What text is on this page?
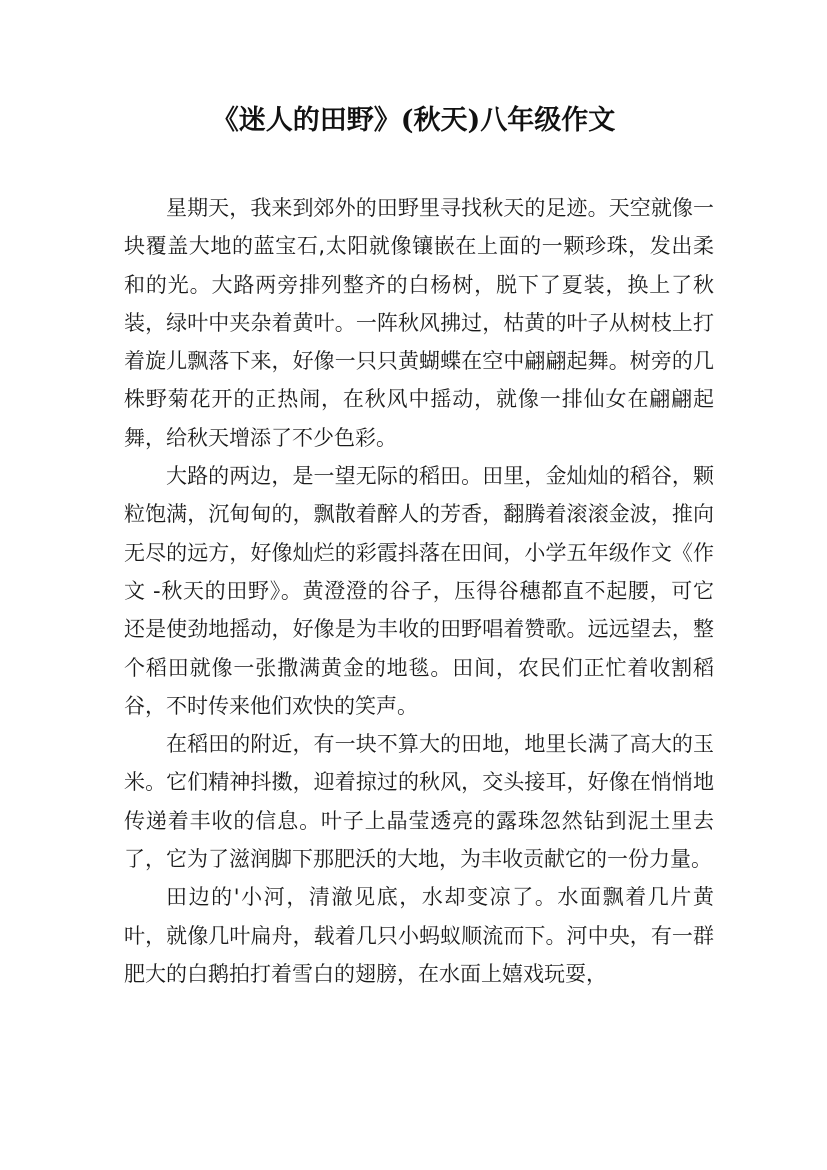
《迷人的田野》(秋天)八年级作文

星期天，我来到郊外的田野里寻找秋天的足迹。天空就像一块覆盖大地的蓝宝石,太阳就像镶嵌在上面的一颗珍珠，发出柔和的光。大路两旁排列整齐的白杨树，脱下了夏装，换上了秋装，绿叶中夹杂着黄叶。一阵秋风拂过，枯黄的叶子从树枝上打着旋儿飘落下来，好像一只只黄蝴蝶在空中翩翩起舞。树旁的几株野菊花开的正热闹，在秋风中摇动，就像一排仙女在翩翩起舞，给秋天增添了不少色彩。

大路的两边，是一望无际的稻田。田里，金灿灿的稻谷，颗粒饱满，沉甸甸的，飘散着醉人的芳香，翻腾着滚滚金波，推向无尽的远方，好像灿烂的彩霞抖落在田间，小学五年级作文《作文 -秋天的田野》。黄澄澄的谷子，压得谷穗都直不起腰，可它还是使劲地摇动，好像是为丰收的田野唱着赞歌。远远望去，整个稻田就像一张撒满黄金的地毯。田间，农民们正忙着收割稻谷，不时传来他们欢快的笑声。

在稻田的附近，有一块不算大的田地，地里长满了高大的玉米。它们精神抖擞，迎着掠过的秋风，交头接耳，好像在悄悄地传递着丰收的信息。叶子上晶莹透亮的露珠忽然钻到泥土里去了，它为了滋润脚下那肥沃的大地，为丰收贡献它的一份力量。

田边的'小河，清澈见底，水却变凉了。水面飘着几片黄叶，就像几叶扁舟，载着几只小蚂蚁顺流而下。河中央，有一群肥大的白鹅拍打着雪白的翅膀，在水面上嬉戏玩耍，
